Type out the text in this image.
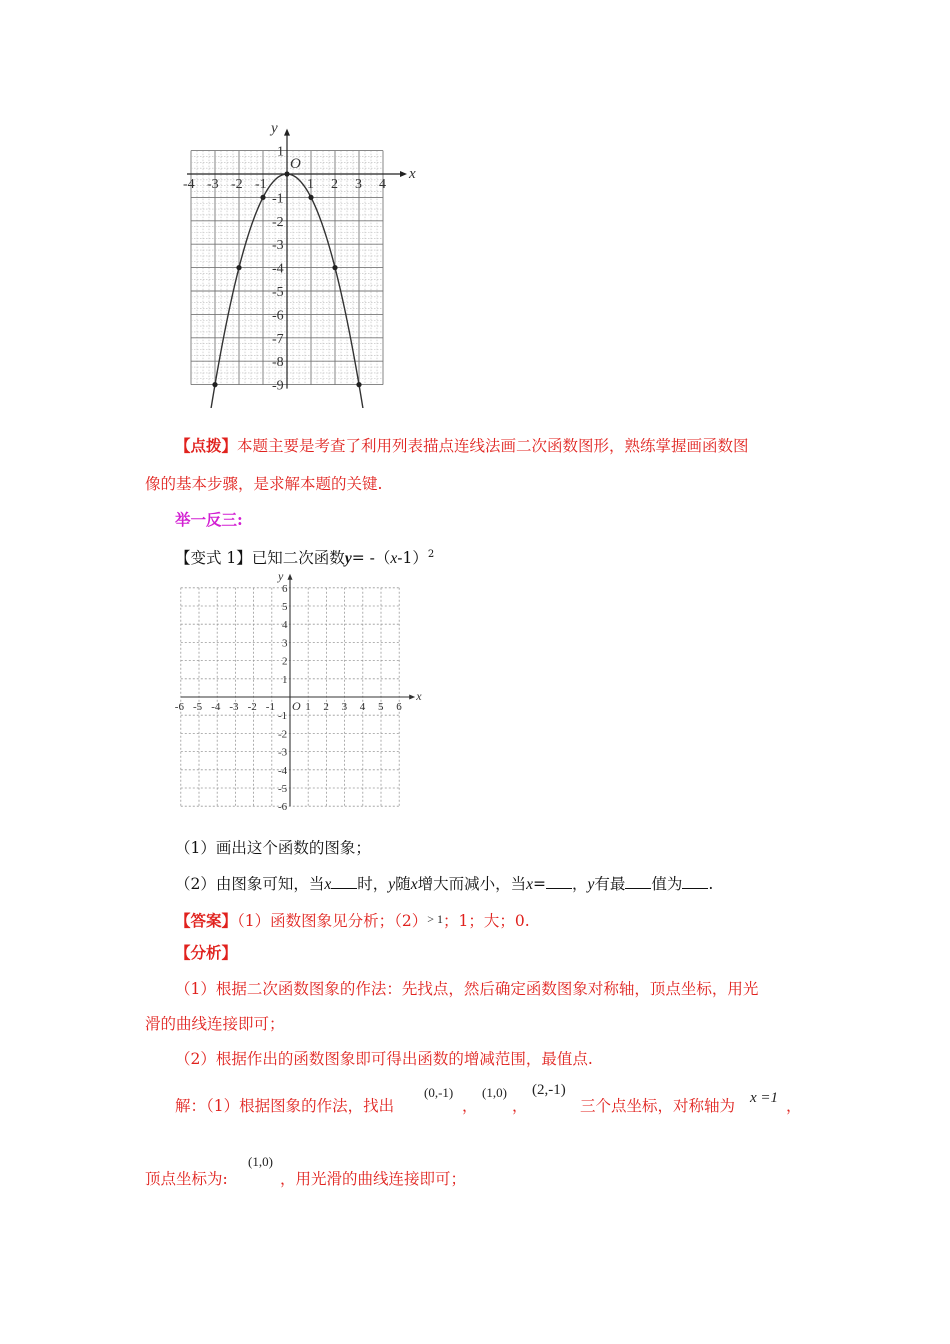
-4 -3 -2 -1	1 2 3 4
1
-1
-2
-3
-4
-5
-6
-7
-8
-9
O
x
y
【点拨】本题主要是考查了利用列表描点连线法画二次函数图形，熟练掌握画函数图
像的基本步骤，是求解本题的关键.
举一反三:
【变式 1】已知二次函数$y= -(x-1)^2$
-6 -5 -4 -3 -2 -1	1 2 3 4 5 6
6
5
4
3
2
1
-1
-2
-3
-4
-5
-6
O
x
y
（1）画出这个函数的图象；
（2）由图象可知，当x 时，y随x增大而减小，当x= ，y有最 值为 .
【答案】（1）函数图象见分析；（2）> 1；1；大；0.
【分析】
（1）根据二次函数图象的作法：先找点，然后确定函数图象对称轴，顶点坐标，用光
滑的曲线连接即可；
（2）根据作出的函数图象即可得出函数的增减范围，最值点.
解：（1）根据图象的作法，找出
(0,-1)
，
(1,0)
，
(2,-1)
三个点坐标，对称轴为 x =1 ，
顶点坐标为:
(1,0)
，用光滑的曲线连接即可；
